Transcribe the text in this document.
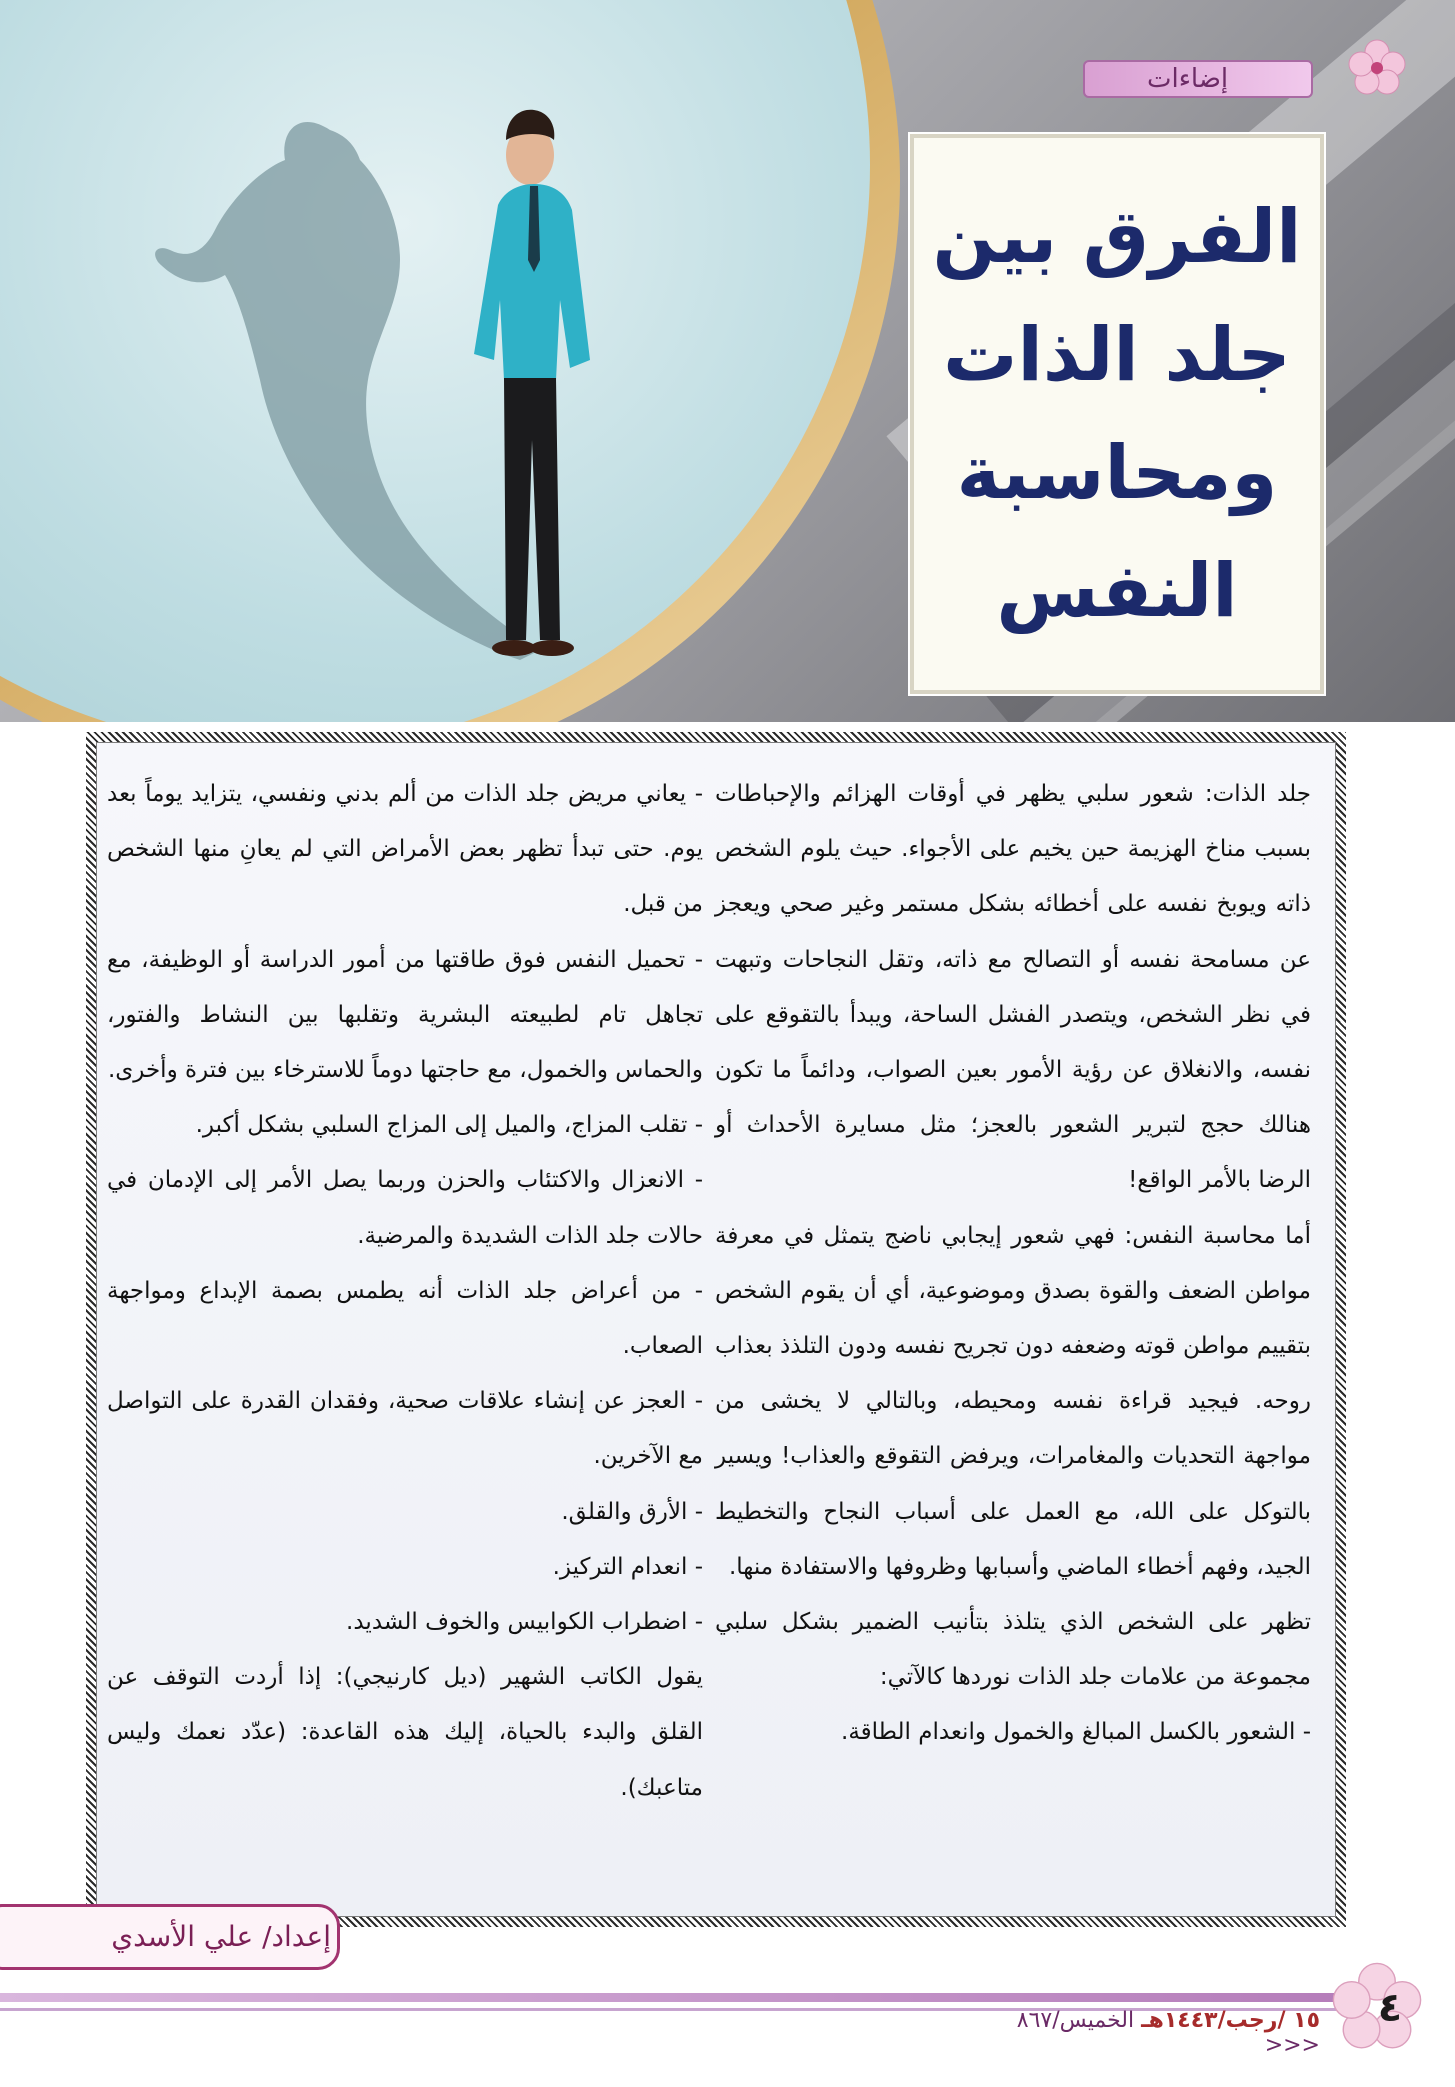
إضاءات
الفرق بين
جلد الذات
ومحاسبة
النفس

جلد الذات: شعور سلبي يظهر في أوقات الهزائم والإحباطات بسبب مناخ الهزيمة حين يخيم على الأجواء. حيث يلوم الشخص ذاته ويوبخ نفسه على أخطائه بشكل مستمر وغير صحي ويعجز عن مسامحة نفسه أو التصالح مع ذاته، وتقل النجاحات وتبهت في نظر الشخص، ويتصدر الفشل الساحة، ويبدأ بالتقوقع على نفسه، والانغلاق عن رؤية الأمور بعين الصواب، ودائماً ما تكون هنالك حجج لتبرير الشعور بالعجز؛ مثل مسايرة الأحداث أو الرضا بالأمر الواقع!

أما محاسبة النفس: فهي شعور إيجابي ناضج يتمثل في معرفة مواطن الضعف والقوة بصدق وموضوعية، أي أن يقوم الشخص بتقييم مواطن قوته وضعفه دون تجريح نفسه ودون التلذذ بعذاب روحه. فيجيد قراءة نفسه ومحيطه، وبالتالي لا يخشى من مواجهة التحديات والمغامرات، ويرفض التقوقع والعذاب! ويسير بالتوكل على الله، مع العمل على أسباب النجاح والتخطيط الجيد، وفهم أخطاء الماضي وأسبابها وظروفها والاستفادة منها.

تظهر على الشخص الذي يتلذذ بتأنيب الضمير بشكل سلبي مجموعة من علامات جلد الذات نوردها كالآتي:

- الشعور بالكسل المبالغ والخمول وانعدام الطاقة.

- يعاني مريض جلد الذات من ألم بدني ونفسي، يتزايد يوماً بعد يوم. حتى تبدأ تظهر بعض الأمراض التي لم يعانِ منها الشخص من قبل.

- تحميل النفس فوق طاقتها من أمور الدراسة أو الوظيفة، مع تجاهل تام لطبيعته البشرية وتقلبها بين النشاط والفتور، والحماس والخمول، مع حاجتها دوماً للاسترخاء بين فترة وأخرى.

- تقلب المزاج، والميل إلى المزاج السلبي بشكل أكبر.

- الانعزال والاكتئاب والحزن وربما يصل الأمر إلى الإدمان في حالات جلد الذات الشديدة والمرضية.

- من أعراض جلد الذات أنه يطمس بصمة الإبداع ومواجهة الصعاب.

- العجز عن إنشاء علاقات صحية، وفقدان القدرة على التواصل مع الآخرين.

- الأرق والقلق.

- انعدام التركيز.

- اضطراب الكوابيس والخوف الشديد.

يقول الكاتب الشهير (ديل كارنيجي): إذا أردت التوقف عن القلق والبدء بالحياة، إليك هذه القاعدة: (عدّد نعمك وليس متاعبك).

إعداد/ علي الأسدي
١٥ /رجب/١٤٤٣هـ الخميس/٨٦٧ >>>
٤
